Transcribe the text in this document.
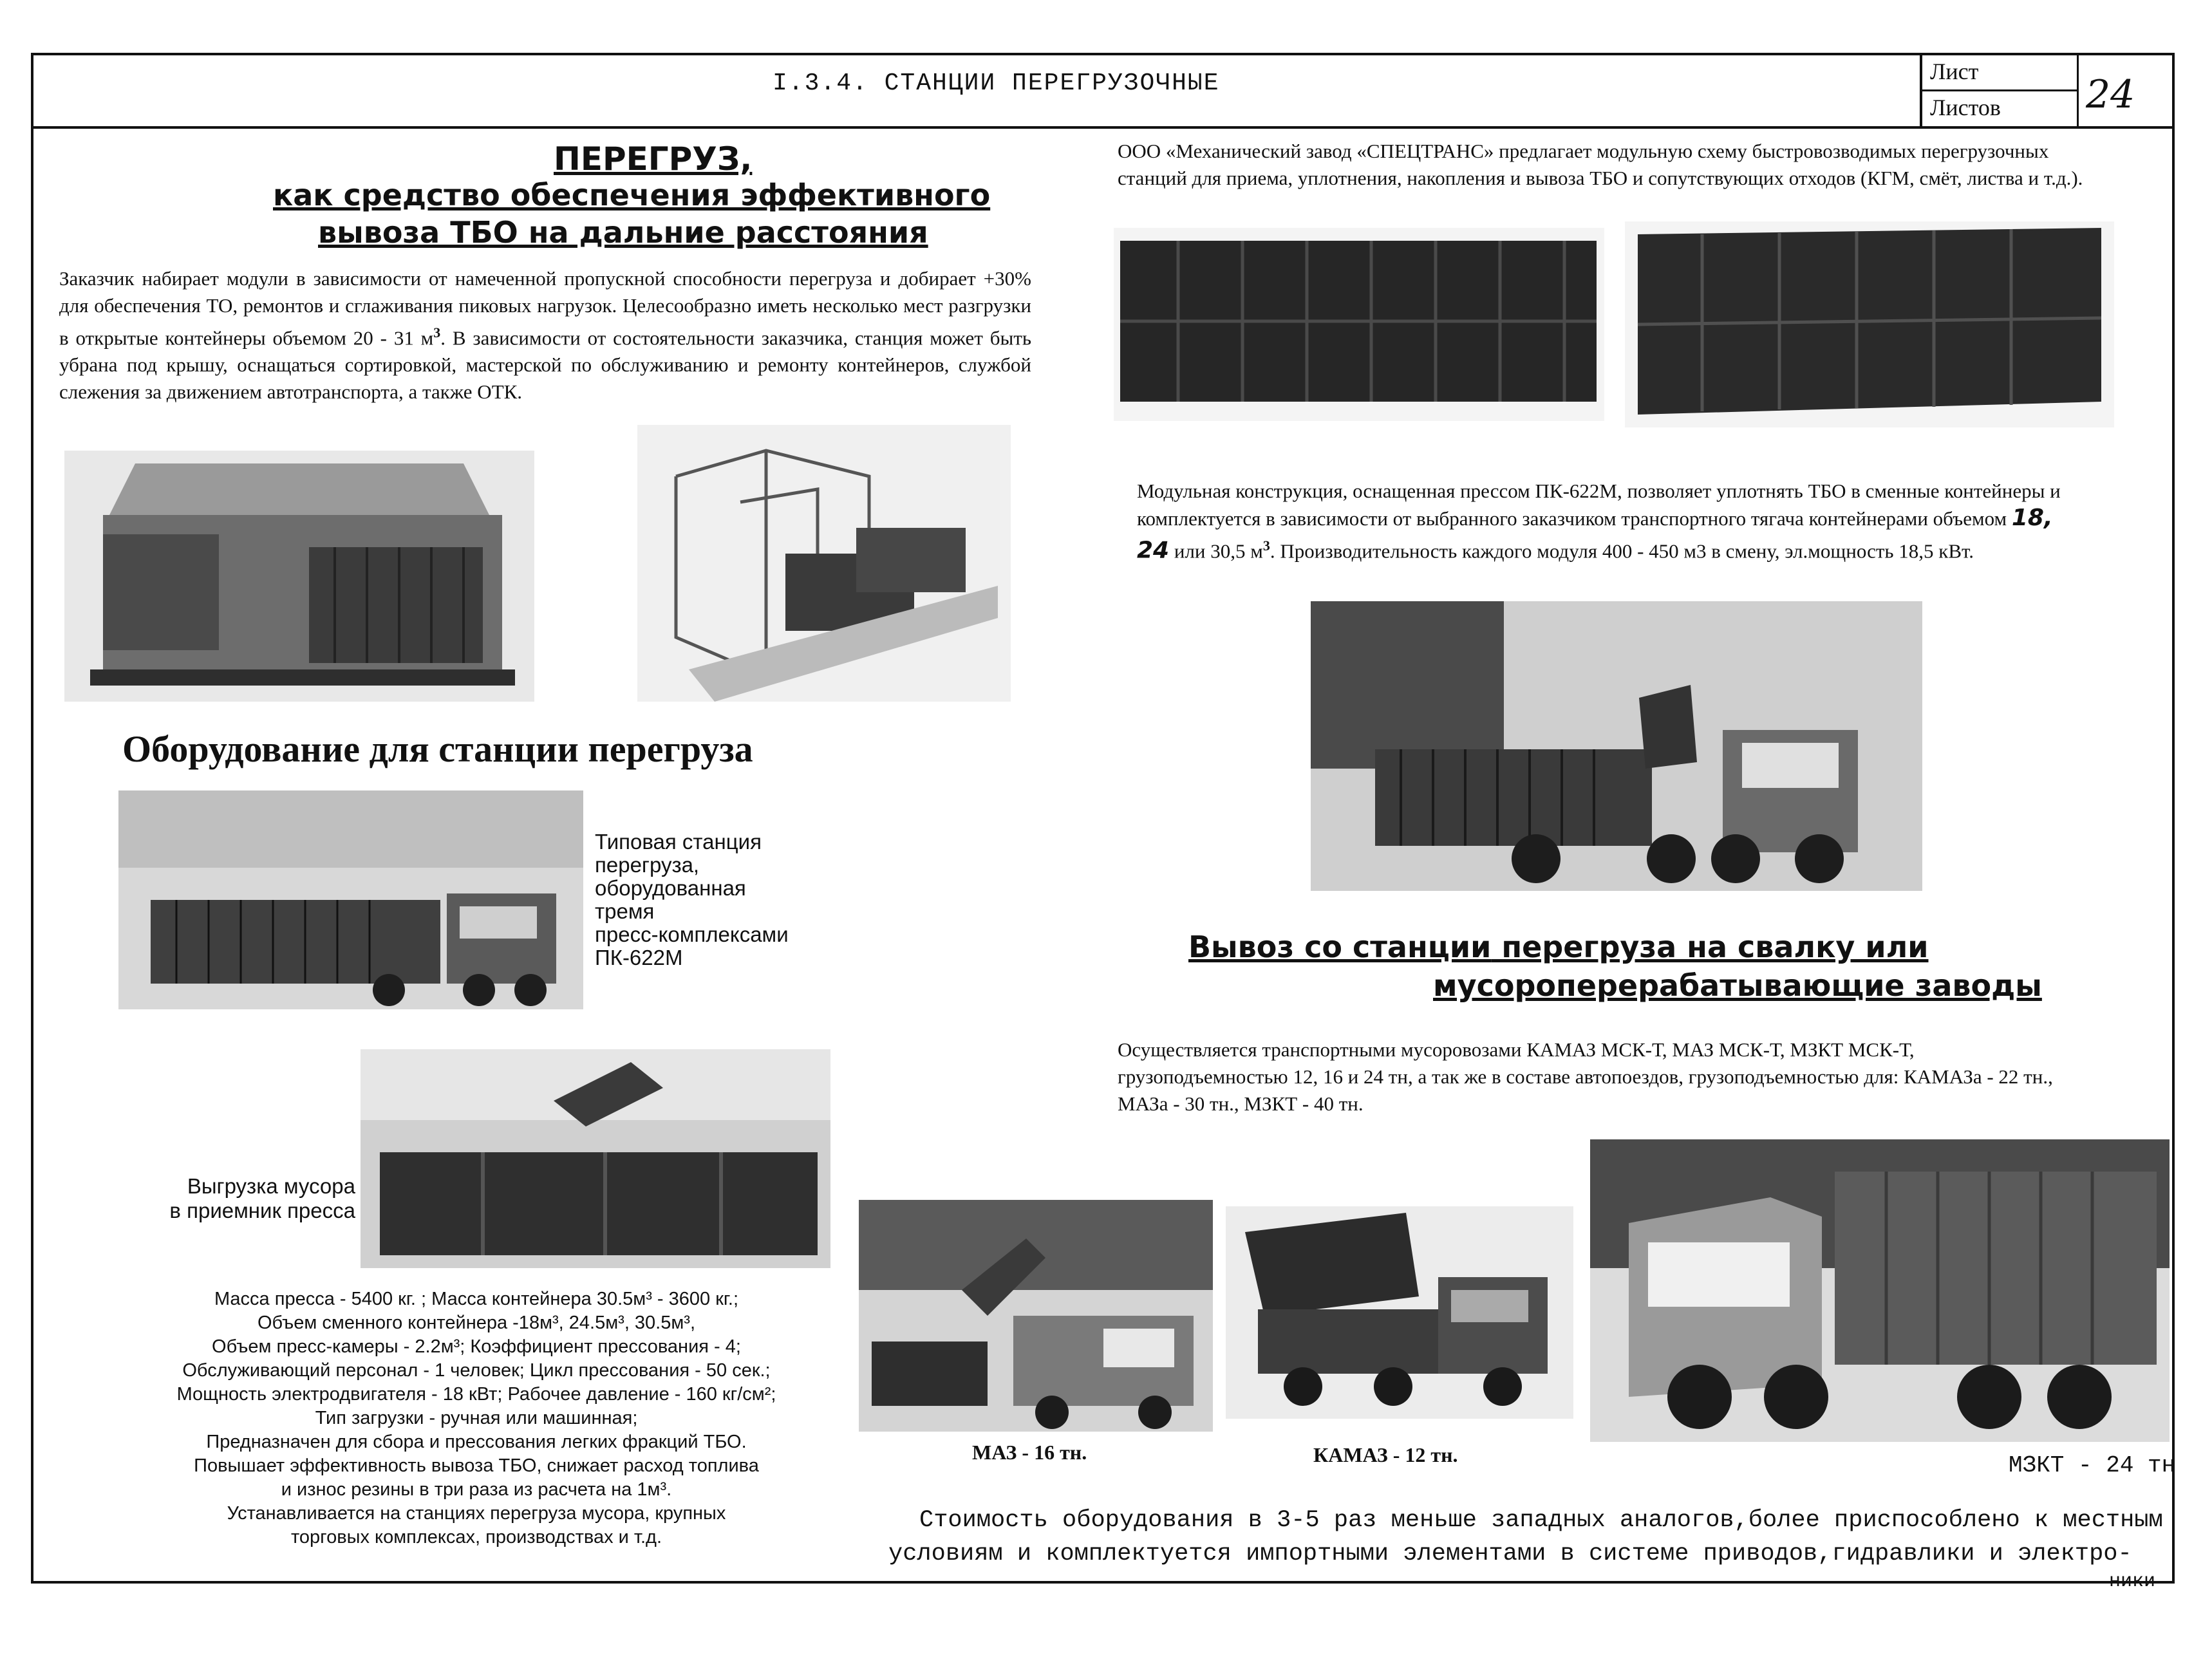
I.3.4. СТАНЦИИ ПЕРЕГРУЗОЧНЫЕ	Лист
Листов 24
ПЕРЕГРУЗ,
как средство обеспечения эффективного
вывоза ТБО на дальние расстояния
Заказчик набирает модули в зависимости от намеченной пропускной способности перегруза и добирает +30% для обеспечения ТО, ремонтов и сглаживания пиковых нагрузок. Целесообразно иметь несколько мест разгрузки в открытые контейнеры объемом 20 - 31 $м^3$. В зависимости от состоятельности заказчика, станция может быть убрана под крышу, оснащаться сортировкой, мастерской по обслуживанию и ремонту контейнеров, службой слежения за движением автотранспорта, а также ОТК.
Оборудование для станции перегруза
Типовая станция
перегруза,
оборудованная
тремя
пресс-комплексами
ПК-622М
Выгрузка мусора
в приемник пресса
Масса пресса - 5400 кг. ; Масса контейнера 30.5м³ - 3600 кг.;
Объем сменного контейнера -18м³, 24.5м³, 30.5м³,
Объем пресс-камеры - 2.2м³; Коэффициент прессования - 4;
Обслуживающий персонал - 1 человек; Цикл прессования - 50 сек.;
Мощность электродвигателя - 18 кВт; Рабочее давление - 160 кг/см²;
Тип загрузки - ручная или машинная;
Предназначен для сбора и прессования легких фракций ТБО.
Повышает эффективность вывоза ТБО, снижает расход топлива
и износ резины в три раза из расчета на 1м³.
Устанавливается на станциях перегруза мусора, крупных
торговых комплексах, производствах и т.д.
ООО «Механический завод «СПЕЦТРАНС» предлагает модульную схему быстровозводимых перегрузочных станций для приема, уплотнения, накопления и вывоза ТБО и сопутствующих отходов (КГМ, смёт, листва и т.д.).
Модульная конструкция, оснащенная прессом ПК-622М, позволяет уплотнять ТБО в сменные контейнеры и комплектуется в зависимости от выбранного заказчиком транспортного тягача контейнерами объемом 18, 24 или 30,5 $м^3$. Производительность каждого модуля 400 - 450 м3 в смену, эл.мощность 18,5 кВт.
Вывоз со станции перегруза на свалку или
мусороперерабатывающие заводы
Осуществляется транспортными мусоровозами КАМАЗ МСК-Т, МАЗ МСК-Т, МЗКТ МСК-Т, грузоподъемностью 12, 16 и 24 тн, а так же в составе автопоездов, грузоподъемностью для: КАМАЗа - 22 тн., МАЗа - 30 тн., МЗКТ - 40 тн.
МАЗ - 16 тн.	КАМАЗ - 12 тн.	МЗКТ - 24 тн
Стоимость оборудования в 3-5 раз меньше западных аналогов,более приспособлено к местным
условиям и комплектуется импортными элементами в системе приводов,гидравлики и электро-
ники
